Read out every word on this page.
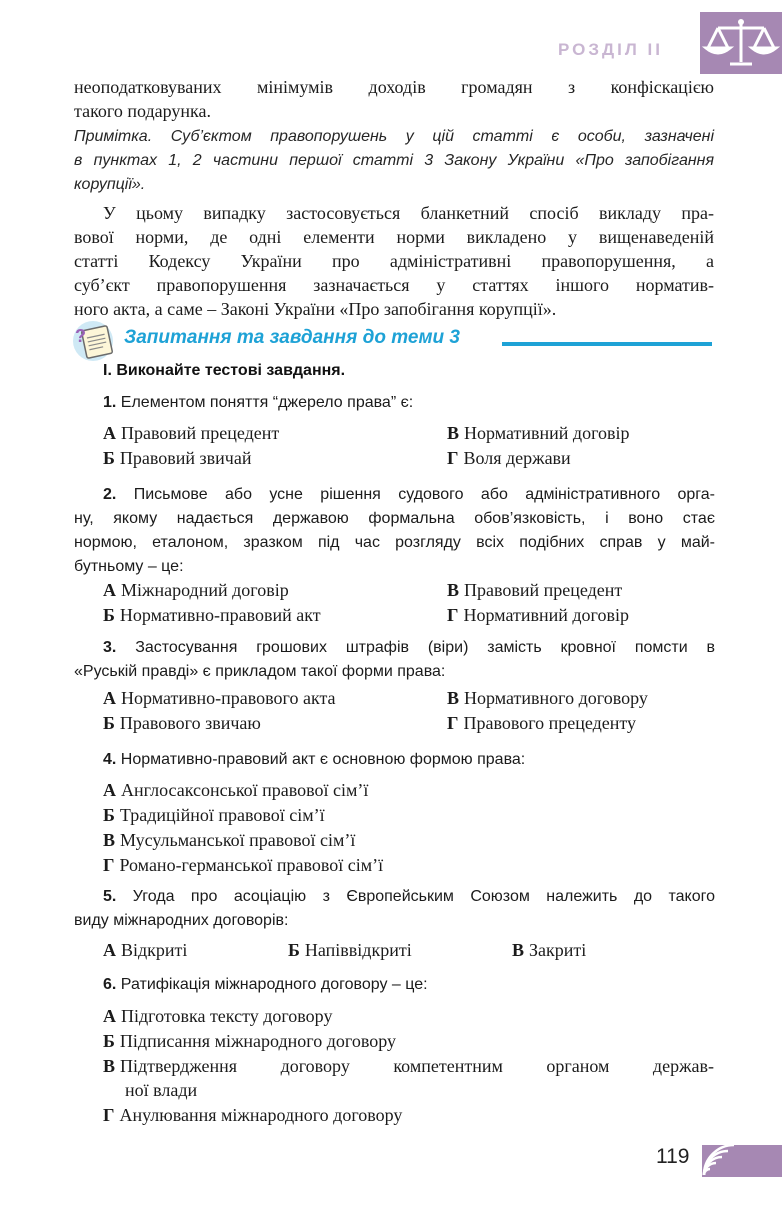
РОЗДІЛ ІІ
неоподатковуваних мінімумів доходів громадян з конфіскацією
такого подарунка.
Примітка. Суб’єктом правопорушень у цій статті є особи, зазначені
в пунктах 1, 2 частини першої статті 3 Закону України «Про запобігання
корупції».
У цьому випадку застосовується бланкетний спосіб викладу пра-
вової норми, де одні елементи норми викладено у вищенаведеній
статті Кодексу України про адміністративні правопорушення, а
суб’єкт правопорушення зазначається у статтях іншого норматив-
ного акта, а саме – Законі України «Про запобігання корупції».
? Запитання та завдання до теми 3
І. Виконайте тестові завдання.
1. Елементом поняття “джерело права” є:
А Правовий прецедент	В Нормативний договір
Б Правовий звичай	Г Воля держави
2. Письмове або усне рішення судового або адміністративного орга-
ну, якому надається державою формальна обов’язковість, і воно стає
нормою, еталоном, зразком під час розгляду всіх подібних справ у май-
бутньому – це:
А Міжнародний договір	В Правовий прецедент
Б Нормативно-правовий акт	Г Нормативний договір
3. Застосування грошових штрафів (віри) замість кровної помсти в
«Руській правді» є прикладом такої форми права:
А Нормативно-правового акта	В Нормативного договору
Б Правового звичаю	Г Правового прецеденту
4. Нормативно-правовий акт є основною формою права:
А Англосаксонської правової сім’ї
Б Традиційної правової сім’ї
В Мусульманської правової сім’ї
Г Романо-германської правової сім’ї
5. Угода про асоціацію з Європейським Союзом належить до такого
виду міжнародних договорів:
А Відкриті	Б Напіввідкриті	В Закриті
6. Ратифікація міжнародного договору – це:
А Підготовка тексту договору
Б Підписання міжнародного договору
В Підтвердження договору компетентним органом держав-
ної влади
Г Анулювання міжнародного договору
119
